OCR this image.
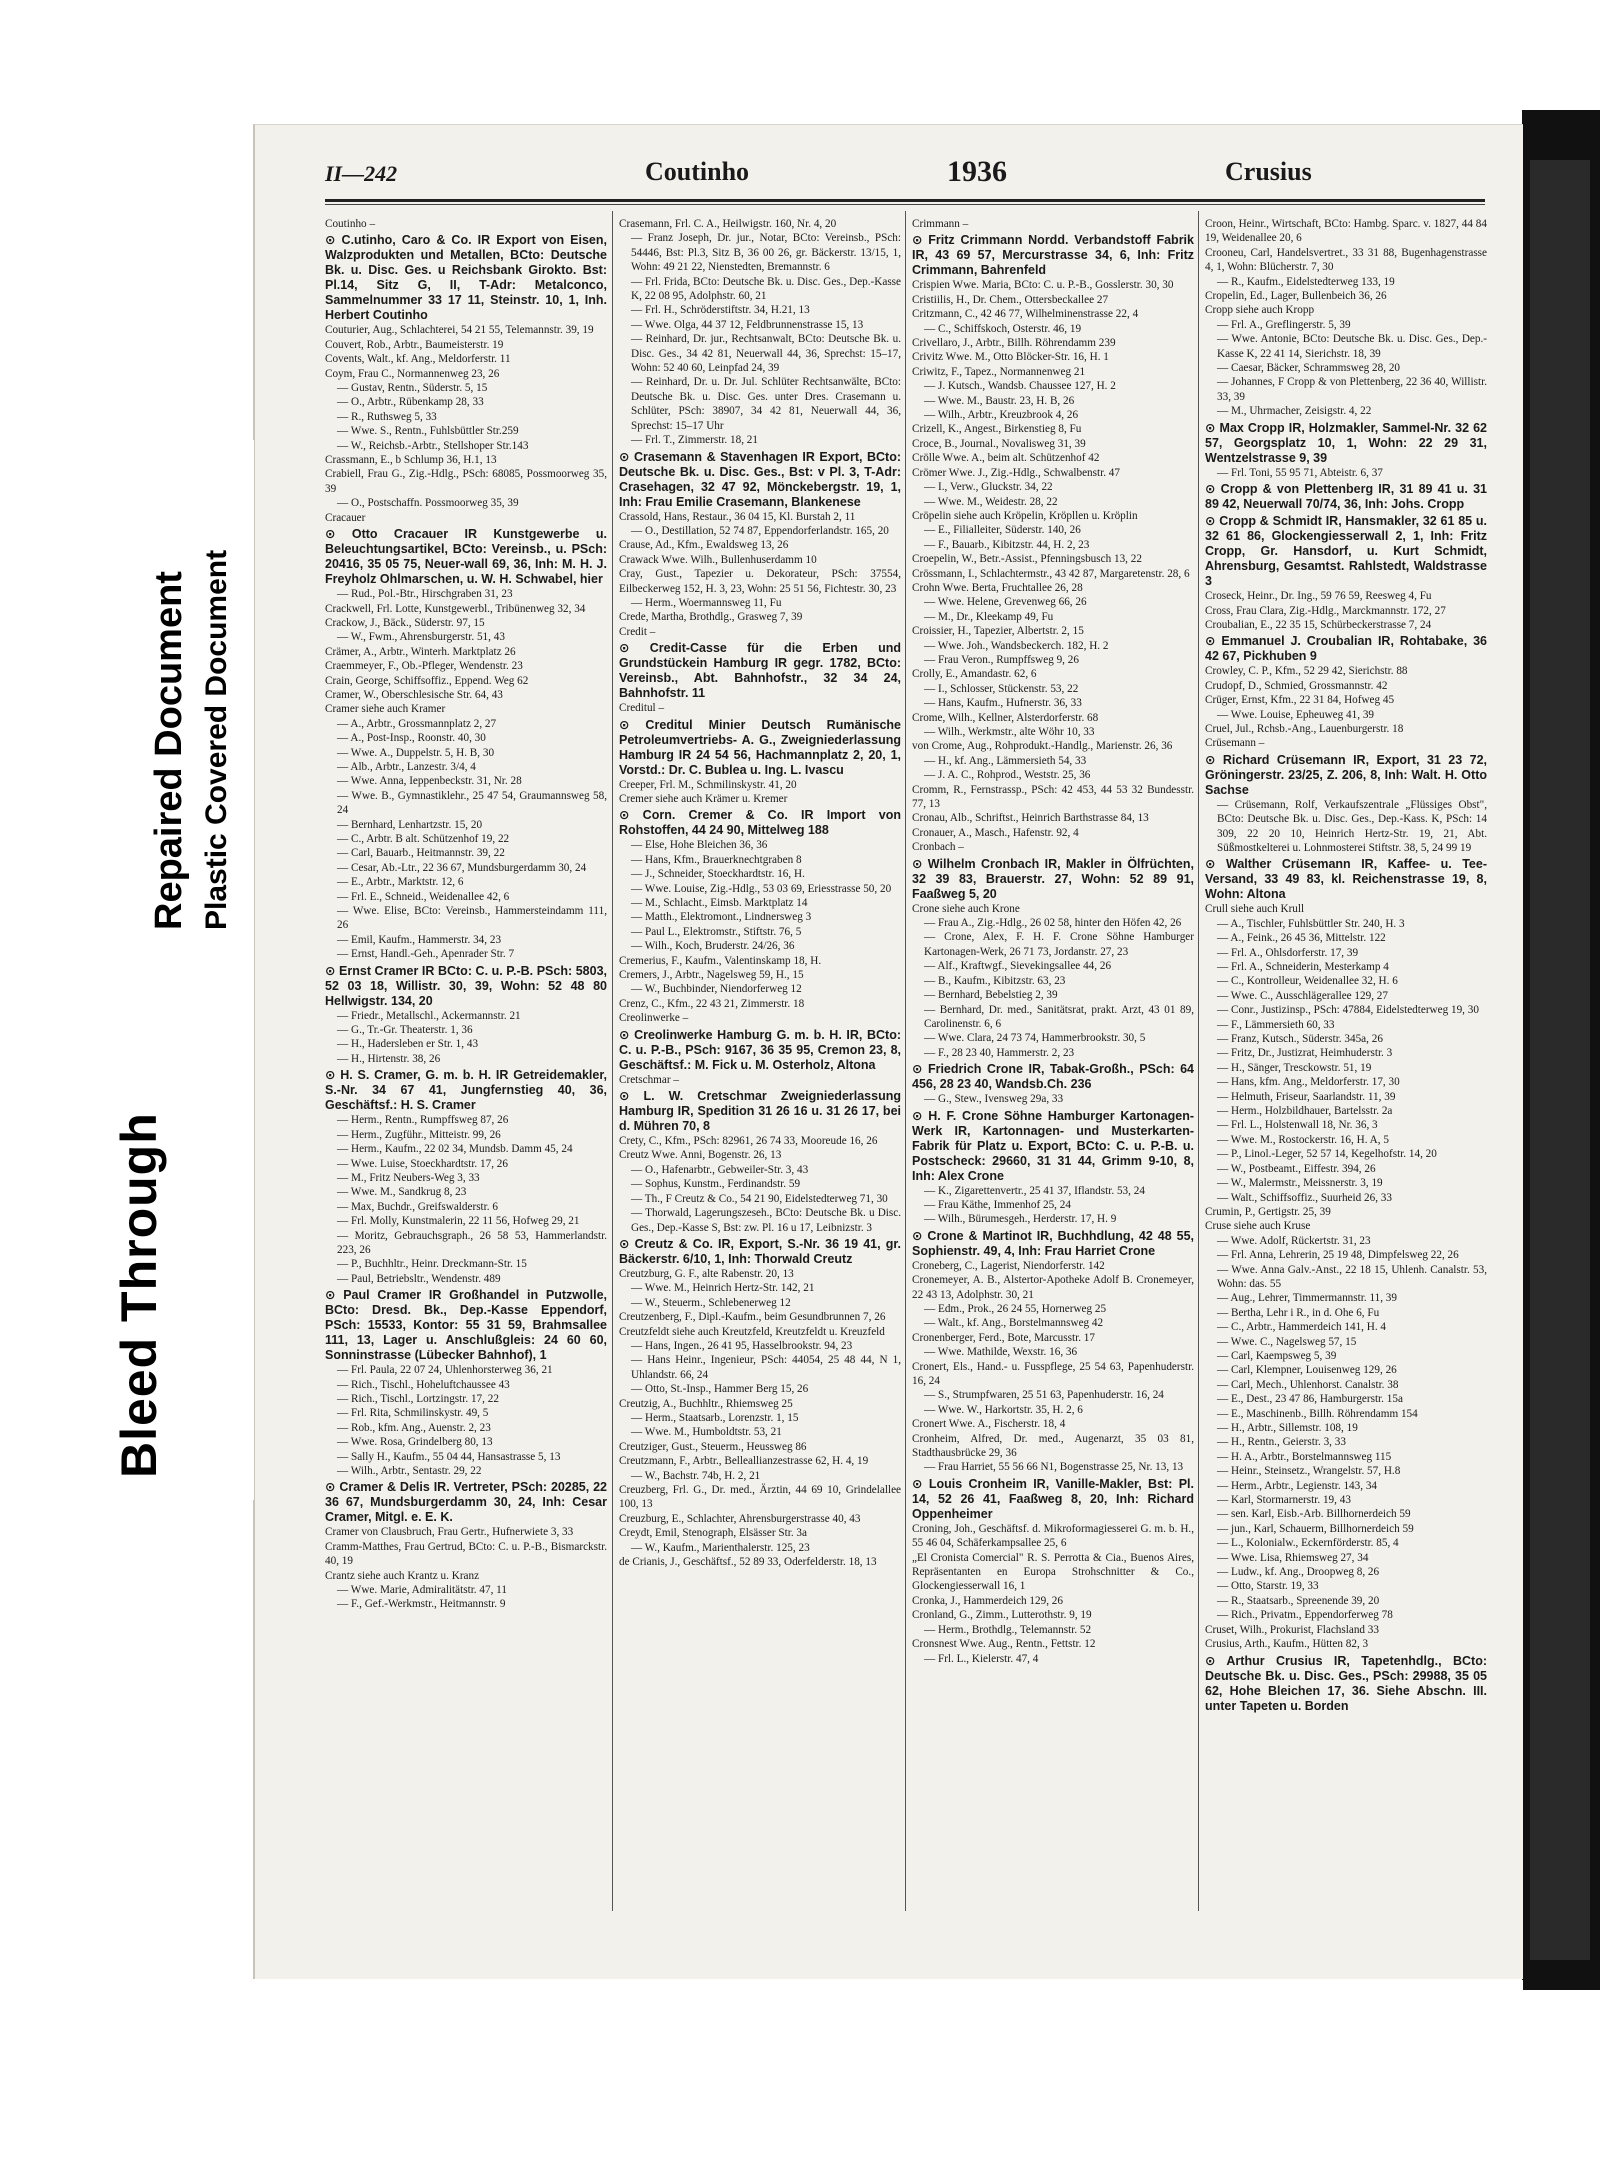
II—242	Coutinho	1936	Crusius

Coutinho –

⊙ C.utinho, Caro & Co. IR Export von Eisen, Walzprodukten und Metallen, BCto: Deutsche Bk. u. Disc. Ges. u Reichsbank Girokto. Bst: Pl.14, Sitz G, II, T-Adr: Metalconco, Sammelnummer 33 17 11, Steinstr. 10, 1, Inh. Herbert Coutinho

Couturier, Aug., Schlachterei, 54 21 55, Telemannstr. 39, 19

Couvert, Rob., Arbtr., Baumeisterstr. 19

Covents, Walt., kf. Ang., Meldorferstr. 11

Coym, Frau C., Normannenweg 23, 26

— Gustav, Rentn., Süderstr. 5, 15

— O., Arbtr., Rübenkamp 28, 33

— R., Ruthsweg 5, 33

— Wwe. S., Rentn., Fuhlsbüttler Str.259

— W., Reichsb.-Arbtr., Stellshoper Str.143

Crassmann, E., b Schlump 36, H.1, 13

Crabiell, Frau G., Zig.-Hdlg., PSch: 68085, Possmoorweg 35, 39

— O., Postschaffn. Possmoorweg 35, 39

Cracauer

⊙ Otto Cracauer IR Kunstgewerbe u. Beleuchtungsartikel, BCto: Vereinsb., u. PSch: 20416, 35 05 75, Neuer-wall 69, 36, Inh: M. H. J. Freyholz Ohlmarschen, u. W. H. Schwabel, hier

— Rud., Pol.-Btr., Hirschgraben 31, 23

Crackwell, Frl. Lotte, Kunstgewerbl., Tribünenweg 32, 34

Crackow, J., Bäck., Süderstr. 97, 15

— W., Fwm., Ahrensburgerstr. 51, 43

Crämer, A., Arbtr., Winterh. Marktplatz 26

Craemmeyer, F., Ob.-Pfleger, Wendenstr. 23

Crain, George, Schiffsoffiz., Eppend. Weg 62

Cramer, W., Oberschlesische Str. 64, 43

Cramer siehe auch Kramer

— A., Arbtr., Grossmannplatz 2, 27

— A., Post-Insp., Roonstr. 40, 30

— Wwe. A., Duppelstr. 5, H. B, 30

— Alb., Arbtr., Lanzestr. 3/4, 4

— Wwe. Anna, Ieppenbeckstr. 31, Nr. 28

— Wwe. B., Gymnastiklehr., 25 47 54, Graumannsweg 58, 24

— Bernhard, Lenhartzstr. 15, 20

— C., Arbtr. B alt. Schützenhof 19, 22

— Carl, Bauarb., Heitmannstr. 39, 22

— Cesar, Ab.-Ltr., 22 36 67, Mundsburgerdamm 30, 24

— E., Arbtr., Marktstr. 12, 6

— Frl. E., Schneid., Weidenallee 42, 6

— Wwe. Elise, BCto: Vereinsb., Hammersteindamm 111, 26

— Emil, Kaufm., Hammerstr. 34, 23

— Ernst, Handl.-Geh., Apenrader Str. 7

⊙ Ernst Cramer IR BCto: C. u. P.-B. PSch: 5803, 52 03 18, Willistr. 30, 39, Wohn: 52 48 80 Hellwigstr. 134, 20

— Friedr., Metallschl., Ackermannstr. 21

— G., Tr.-Gr. Theaterstr. 1, 36

— H., Hadersleben er Str. 1, 43

— H., Hirtenstr. 38, 26

⊙ H. S. Cramer, G. m. b. H. IR Getreidemakler, S.-Nr. 34 67 41, Jungfernstieg 40, 36, Geschäftsf.: H. S. Cramer

— Herm., Rentn., Rumpffsweg 87, 26

— Herm., Zugführ., Mitteistr. 99, 26

— Herm., Kaufm., 22 02 34, Mundsb. Damm 45, 24

— Wwe. Luise, Stoeckhardtstr. 17, 26

— M., Fritz Neubers-Weg 3, 33

— Wwe. M., Sandkrug 8, 23

— Max, Buchdr., Greifswalderstr. 6

— Frl. Molly, Kunstmalerin, 22 11 56, Hofweg 29, 21

— Moritz, Gebrauchsgraph., 26 58 53, Hammerlandstr. 223, 26

— P., Buchhltr., Heinr. Dreckmann-Str. 15

— Paul, Betriebsltr., Wendenstr. 489

⊙ Paul Cramer IR Großhandel in Putzwolle, BCto: Dresd. Bk., Dep.-Kasse Eppendorf, PSch: 15533, Kontor: 55 31 59, Brahmsallee 111, 13, Lager u. Anschlußgleis: 24 60 60, Sonninstrasse (Lübecker Bahnhof), 1

— Frl. Paula, 22 07 24, Uhlenhorsterweg 36, 21

— Rich., Tischl., Hoheluftchaussee 43

— Rich., Tischl., Lortzingstr. 17, 22

— Frl. Rita, Schmilinskystr. 49, 5

— Rob., kfm. Ang., Auenstr. 2, 23

— Wwe. Rosa, Grindelberg 80, 13

— Sally H., Kaufm., 55 04 44, Hansastrasse 5, 13

— Wilh., Arbtr., Sentastr. 29, 22

⊙ Cramer & Delis IR. Vertreter, PSch: 20285, 22 36 67, Mundsburgerdamm 30, 24, Inh: Cesar Cramer, Mitgl. e. E. K.

Cramer von Clausbruch, Frau Gertr., Hufnerwiete 3, 33

Cramm-Matthes, Frau Gertrud, BCto: C. u. P.-B., Bismarckstr. 40, 19

Crantz siehe auch Krantz u. Kranz

— Wwe. Marie, Admiralitätstr. 47, 11

— F., Gef.-Werkmstr., Heitmannstr. 9

Crasemann, Frl. C. A., Heilwigstr. 160, Nr. 4, 20

— Franz Joseph, Dr. jur., Notar, BCto: Vereinsb., PSch: 54446, Bst: Pl.3, Sitz B, 36 00 26, gr. Bäckerstr. 13/15, 1, Wohn: 49 21 22, Nienstedten, Bremannstr. 6

— Frl. Frida, BCto: Deutsche Bk. u. Disc. Ges., Dep.-Kasse K, 22 08 95, Adolphstr. 60, 21

— Frl. H., Schröderstiftstr. 34, H.21, 13

— Wwe. Olga, 44 37 12, Feldbrunnenstrasse 15, 13

— Reinhard, Dr. jur., Rechtsanwalt, BCto: Deutsche Bk. u. Disc. Ges., 34 42 81, Neuerwall 44, 36, Sprechst: 15–17, Wohn: 52 40 60, Leinpfad 24, 39

— Reinhard, Dr. u. Dr. Jul. Schlüter Rechtsanwälte, BCto: Deutsche Bk. u. Disc. Ges. unter Dres. Crasemann u. Schlüter, PSch: 38907, 34 42 81, Neuerwall 44, 36, Sprechst: 15–17 Uhr

— Frl. T., Zimmerstr. 18, 21

⊙ Crasemann & Stavenhagen IR Export, BCto: Deutsche Bk. u. Disc. Ges., Bst: v Pl. 3, T-Adr: Crasehagen, 32 47 92, Mönckebergstr. 19, 1, Inh: Frau Emilie Crasemann, Blankenese

Crassold, Hans, Restaur., 36 04 15, Kl. Burstah 2, 11

— O., Destillation, 52 74 87, Eppendorferlandstr. 165, 20

Crause, Ad., Kfm., Ewaldsweg 13, 26

Crawack Wwe. Wilh., Bullenhuserdamm 10

Cray, Gust., Tapezier u. Dekorateur, PSch: 37554, Eilbeckerweg 152, H. 3, 23, Wohn: 25 51 56, Fichtestr. 30, 23

— Herm., Woermannsweg 11, Fu

Crede, Martha, Brothdlg., Grasweg 7, 39

Credit –

⊙ Credit-Casse für die Erben und Grundstückein Hamburg IR gegr. 1782, BCto: Vereinsb., Abt. Bahnhofstr., 32 34 24, Bahnhofstr. 11

Creditul –

⊙ Creditul Minier Deutsch Rumänische Petroleumvertriebs- A. G., Zweigniederlassung Hamburg IR 24 54 56, Hachmannplatz 2, 20, 1, Vorstd.: Dr. C. Bublea u. Ing. L. Ivascu

Creeper, Frl. M., Schmilinskystr. 41, 20

Cremer siehe auch Krämer u. Kremer

⊙ Corn. Cremer & Co. IR Import von Rohstoffen, 44 24 90, Mittelweg 188

— Else, Hohe Bleichen 36, 36

— Hans, Kfm., Brauerknechtgraben 8

— J., Schneider, Stoeckhardtstr. 16, H.

— Wwe. Louise, Zig.-Hdlg., 53 03 69, Eriesstrasse 50, 20

— M., Schlacht., Eimsb. Marktplatz 14

— Matth., Elektromont., Lindnersweg 3

— Paul L., Elektromstr., Stiftstr. 76, 5

— Wilh., Koch, Bruderstr. 24/26, 36

Cremerius, F., Kaufm., Valentinskamp 18, H.

Cremers, J., Arbtr., Nagelsweg 59, H., 15

— W., Buchbinder, Niendorferweg 12

Crenz, C., Kfm., 22 43 21, Zimmerstr. 18

Creolinwerke –

⊙ Creolinwerke Hamburg G. m. b. H. IR, BCto: C. u. P.-B., PSch: 9167, 36 35 95, Cremon 23, 8, Geschäftsf.: M. Fick u. M. Osterholz, Altona

Cretschmar –

⊙ L. W. Cretschmar Zweigniederlassung Hamburg IR, Spedition 31 26 16 u. 31 26 17, bei d. Mühren 70, 8

Crety, C., Kfm., PSch: 82961, 26 74 33, Mooreude 16, 26

Creutz Wwe. Anni, Bogenstr. 26, 13

— O., Hafenarbtr., Gebweiler-Str. 3, 43

— Sophus, Kunstm., Ferdinandstr. 59

— Th., F Creutz & Co., 54 21 90, Eidelstedterweg 71, 30

— Thorwald, Lagerungszeseh., BCto: Deutsche Bk. u Disc. Ges., Dep.-Kasse S, Bst: zw. Pl. 16 u 17, Leibnizstr. 3

⊙ Creutz & Co. IR, Export, S.-Nr. 36 19 41, gr. Bäckerstr. 6/10, 1, Inh: Thorwald Creutz

Creutzburg, G. F., alte Rabenstr. 20, 13

— Wwe. M., Heinrich Hertz-Str. 142, 21

— W., Steuerm., Schlebenerweg 12

Creutzenberg, F., Dipl.-Kaufm., beim Gesundbrunnen 7, 26

Creutzfeldt siehe auch Kreutzfeld, Kreutzfeldt u. Kreuzfeld

— Hans, Ingen., 26 41 95, Hasselbrookstr. 94, 23

— Hans Heinr., Ingenieur, PSch: 44054, 25 48 44, N 1, Uhlandstr. 66, 24

— Otto, St.-Insp., Hammer Berg 15, 26

Creutzig, A., Buchhltr., Rhiemsweg 25

— Herm., Staatsarb., Lorenzstr. 1, 15

— Wwe. M., Humboldtstr. 53, 21

Creutziger, Gust., Steuerm., Heussweg 86

Creutzmann, F., Arbtr., Belleallianzestrasse 62, H. 4, 19

— W., Bachstr. 74b, H. 2, 21

Creuzberg, Frl. G., Dr. med., Ärztin, 44 69 10, Grindelallee 100, 13

Creuzburg, E., Schlachter, Ahrensburgerstrasse 40, 43

Creydt, Emil, Stenograph, Elsässer Str. 3a

— W., Kaufm., Marienthalerstr. 125, 23

de Crianis, J., Geschäftsf., 52 89 33, Oderfelderstr. 18, 13

Crimmann –

⊙ Fritz Crimmann Nordd. Verbandstoff Fabrik IR, 43 69 57, Mercurstrasse 34, 6, Inh: Fritz Crimmann, Bahrenfeld

Crispien Wwe. Maria, BCto: C. u. P.-B., Gosslerstr. 30, 30

Cristiilis, H., Dr. Chem., Ottersbeckallee 27

Critzmann, C., 42 46 77, Wilhelminenstrasse 22, 4

— C., Schiffskoch, Osterstr. 46, 19

Crivellaro, J., Arbtr., Billh. Röhrendamm 239

Crivitz Wwe. M., Otto Blöcker-Str. 16, H. 1

Criwitz, F., Tapez., Normannenweg 21

— J. Kutsch., Wandsb. Chaussee 127, H. 2

— Wwe. M., Baustr. 23, H. B, 26

— Wilh., Arbtr., Kreuzbrook 4, 26

Crizell, K., Angest., Birkenstieg 8, Fu

Croce, B., Journal., Novalisweg 31, 39

Crölle Wwe. A., beim alt. Schützenhof 42

Crömer Wwe. J., Zig.-Hdlg., Schwalbenstr. 47

— I., Verw., Gluckstr. 34, 22

— Wwe. M., Weidestr. 28, 22

Cröpelin siehe auch Kröpelin, Kröpllen u. Kröplin

— E., Filialleiter, Süderstr. 140, 26

— F., Bauarb., Kibitzstr. 44, H. 2, 23

Croepelin, W., Betr.-Assist., Pfenningsbusch 13, 22

Crössmann, I., Schlachtermstr., 43 42 87, Margaretenstr. 28, 6

Crohn Wwe. Berta, Fruchtallee 26, 28

— Wwe. Helene, Grevenweg 66, 26

— M., Dr., Kleekamp 49, Fu

Croissier, H., Tapezier, Albertstr. 2, 15

— Wwe. Joh., Wandsbeckerch. 182, H. 2

— Frau Veron., Rumpffsweg 9, 26

Crolly, E., Amandastr. 62, 6

— I., Schlosser, Stückenstr. 53, 22

— Hans, Kaufm., Hufnerstr. 36, 33

Crome, Wilh., Kellner, Alsterdorferstr. 68

— Wilh., Werkmstr., alte Wöhr 10, 33

von Crome, Aug., Rohprodukt.-Handlg., Marienstr. 26, 36

— H., kf. Ang., Lämmersieth 54, 33

— J. A. C., Rohprod., Weststr. 25, 36

Cromm, R., Fernstrassp., PSch: 42 453, 44 53 32 Bundesstr. 77, 13

Cronau, Alb., Schriftst., Heinrich Barthstrasse 84, 13

Cronauer, A., Masch., Hafenstr. 92, 4

Cronbach –

⊙ Wilhelm Cronbach IR, Makler in Ölfrüchten, 32 39 83, Brauerstr. 27, Wohn: 52 89 91, Faaßweg 5, 20

Crone siehe auch Krone

— Frau A., Zig.-Hdlg., 26 02 58, hinter den Höfen 42, 26

— Crone, Alex, F. H. F. Crone Söhne Hamburger Kartonagen-Werk, 26 71 73, Jordanstr. 27, 23

— Alf., Kraftwgf., Sievekingsallee 44, 26

— B., Kaufm., Kibitzstr. 63, 23

— Bernhard, Bebelstieg 2, 39

— Bernhard, Dr. med., Sanitätsrat, prakt. Arzt, 43 01 89, Carolinenstr. 6, 6

— Wwe. Clara, 24 73 74, Hammerbrookstr. 30, 5

— F., 28 23 40, Hammerstr. 2, 23

⊙ Friedrich Crone IR, Tabak-Großh., PSch: 64 456, 28 23 40, Wandsb.Ch. 236

— G., Stew., Ivensweg 29a, 33

⊙ H. F. Crone Söhne Hamburger Kartonagen-Werk IR, Kartonnagen- und Musterkarten-Fabrik für Platz u. Export, BCto: C. u. P.-B. u. Postscheck: 29660, 31 31 44, Grimm 9-10, 8, Inh: Alex Crone

— K., Zigarettenvertr., 25 41 37, Iflandstr. 53, 24

— Frau Käthe, Immenhof 25, 24

— Wilh., Bürumesgeh., Herderstr. 17, H. 9

⊙ Crone & Martinot IR, Buchhdlung, 42 48 55, Sophienstr. 49, 4, Inh: Frau Harriet Crone

Croneberg, C., Lagerist, Niendorferstr. 142

Cronemeyer, A. B., Alstertor-Apotheke Adolf B. Cronemeyer, 22 43 13, Adolphstr. 30, 21

— Edm., Prok., 26 24 55, Hornerweg 25

— Walt., kf. Ang., Borstelmannsweg 42

Cronenberger, Ferd., Bote, Marcusstr. 17

— Wwe. Mathilde, Wexstr. 16, 36

Cronert, Els., Hand.- u. Fusspflege, 25 54 63, Papenhuderstr. 16, 24

— S., Strumpfwaren, 25 51 63, Papenhuderstr. 16, 24

— Wwe. W., Harkortstr. 35, H. 2, 6

Cronert Wwe. A., Fischerstr. 18, 4

Cronheim, Alfred, Dr. med., Augenarzt, 35 03 81, Stadthausbrücke 29, 36

— Frau Harriet, 55 56 66 N1, Bogenstrasse 25, Nr. 13, 13

⊙ Louis Cronheim IR, Vanille-Makler, Bst: Pl. 14, 52 26 41, Faaßweg 8, 20, Inh: Richard Oppenheimer

Croning, Joh., Geschäftsf. d. Mikroformagiesserei G. m. b. H., 55 46 04, Schäferkampsallee 25, 6

„El Cronista Comercial" R. S. Perrotta & Cia., Buenos Aires, Repräsentanten en Europa Strohschnitter & Co., Glockengiesserwall 16, 1

Cronka, J., Hammerdeich 129, 26

Cronland, G., Zimm., Lutterothstr. 9, 19

— Herm., Brothdlg., Telemannstr. 52

Cronsnest Wwe. Aug., Rentn., Fettstr. 12

— Frl. L., Kielerstr. 47, 4

Croon, Heinr., Wirtschaft, BCto: Hambg. Sparc. v. 1827, 44 84 19, Weidenallee 20, 6

Crooneu, Carl, Handelsvertret., 33 31 88, Bugenhagenstrasse 4, 1, Wohn: Blücherstr. 7, 30

— R., Kaufm., Eidelstedterweg 133, 19

Cropelin, Ed., Lager, Bullenbeich 36, 26

Cropp siehe auch Kropp

— Frl. A., Greflingerstr. 5, 39

— Wwe. Antonie, BCto: Deutsche Bk. u. Disc. Ges., Dep.-Kasse K, 22 41 14, Sierichstr. 18, 39

— Caesar, Bäcker, Schrammsweg 28, 20

— Johannes, F Cropp & von Plettenberg, 22 36 40, Willistr. 33, 39

— M., Uhrmacher, Zeisigstr. 4, 22

⊙ Max Cropp IR, Holzmakler, Sammel-Nr. 32 62 57, Georgsplatz 10, 1, Wohn: 22 29 31, Wentzelstrasse 9, 39

— Frl. Toni, 55 95 71, Abteistr. 6, 37

⊙ Cropp & von Plettenberg IR, 31 89 41 u. 31 89 42, Neuerwall 70/74, 36, Inh: Johs. Cropp

⊙ Cropp & Schmidt IR, Hansmakler, 32 61 85 u. 32 61 86, Glockengiesserwall 2, 1, Inh: Fritz Cropp, Gr. Hansdorf, u. Kurt Schmidt, Ahrensburg, Gesamtst. Rahlstedt, Waldstrasse 3

Croseck, Heinr., Dr. Ing., 59 76 59, Reesweg 4, Fu

Cross, Frau Clara, Zig.-Hdlg., Marckmannstr. 172, 27

Croubalian, E., 22 35 15, Schürbeckerstrasse 7, 24

⊙ Emmanuel J. Croubalian IR, Rohtabake, 36 42 67, Pickhuben 9

Crowley, C. P., Kfm., 52 29 42, Sierichstr. 88

Crudopf, D., Schmied, Grossmannstr. 42

Crüger, Ernst, Kfm., 22 31 84, Hofweg 45

— Wwe. Louise, Epheuweg 41, 39

Cruel, Jul., Rchsb.-Ang., Lauenburgerstr. 18

Crüsemann –

⊙ Richard Crüsemann IR, Export, 31 23 72, Gröningerstr. 23/25, Z. 206, 8, Inh: Walt. H. Otto Sachse

— Crüsemann, Rolf, Verkaufszentrale „Flüssiges Obst", BCto: Deutsche Bk. u. Disc. Ges., Dep.-Kass. K, PSch: 14 309, 22 20 10, Heinrich Hertz-Str. 19, 21, Abt. Süßmostkelterei u. Lohnmosterei Stiftstr. 38, 5, 24 99 19

⊙ Walther Crüsemann IR, Kaffee- u. Tee-Versand, 33 49 83, kl. Reichenstrasse 19, 8, Wohn: Altona

Crull siehe auch Krull

— A., Tischler, Fuhlsbüttler Str. 240, H. 3

— A., Feink., 26 45 36, Mittelstr. 122

— Frl. A., Ohlsdorferstr. 17, 39

— Frl. A., Schneiderin, Mesterkamp 4

— C., Kontrolleur, Weidenallee 32, H. 6

— Wwe. C., Ausschlägerallee 129, 27

— Conr., Justizinsp., PSch: 47884, Eidelstedterweg 19, 30

— F., Lämmersieth 60, 33

— Franz, Kutsch., Süderstr. 345a, 26

— Fritz, Dr., Justizrat, Heimhuderstr. 3

— H., Sänger, Tresckowstr. 51, 19

— Hans, kfm. Ang., Meldorferstr. 17, 30

— Helmuth, Friseur, Saarlandstr. 11, 39

— Herm., Holzbildhauer, Bartelsstr. 2a

— Frl. L., Holstenwall 18, Nr. 36, 3

— Wwe. M., Rostockerstr. 16, H. A, 5

— P., Linol.-Leger, 52 57 14, Kegelhofstr. 14, 20

— W., Postbeamt., Eiffestr. 394, 26

— W., Malermstr., Meissnerstr. 3, 19

— Walt., Schiffsoffiz., Suurheid 26, 33

Crumin, P., Gertigstr. 25, 39

Cruse siehe auch Kruse

— Wwe. Adolf, Rückertstr. 31, 23

— Frl. Anna, Lehrerin, 25 19 48, Dimpfelsweg 22, 26

— Wwe. Anna Galv.-Anst., 22 18 15, Uhlenh. Canalstr. 53, Wohn: das. 55

— Aug., Lehrer, Timmermannstr. 11, 39

— Bertha, Lehr i R., in d. Ohe 6, Fu

— C., Arbtr., Hammerdeich 141, H. 4

— Wwe. C., Nagelsweg 57, 15

— Carl, Kaempsweg 5, 39

— Carl, Klempner, Louisenweg 129, 26

— Carl, Mech., Uhlenhorst. Canalstr. 38

— E., Dest., 23 47 86, Hamburgerstr. 15a

— E., Maschinenb., Billh. Röhrendamm 154

— H., Arbtr., Sillemstr. 108, 19

— H., Rentn., Geierstr. 3, 33

— H. A., Arbtr., Borstelmannsweg 115

— Heinr., Steinsetz., Wrangelstr. 57, H.8

— Herm., Arbtr., Legienstr. 143, 34

— Karl, Stormarnerstr. 19, 43

— sen. Karl, Eisb.-Arb. Billhornerdeich 59

— jun., Karl, Schauerm, Billhornerdeich 59

— L., Kolonialw., Eckernförderstr. 85, 4

— Wwe. Lisa, Rhiemsweg 27, 34

— Ludw., kf. Ang., Droopweg 8, 26

— Otto, Starstr. 19, 33

— R., Staatsarb., Spreenende 39, 20

— Rich., Privatm., Eppendorferweg 78

Cruset, Wilh., Prokurist, Flachsland 33

Crusius, Arth., Kaufm., Hütten 82, 3

⊙ Arthur Crusius IR, Tapetenhdlg., BCto: Deutsche Bk. u. Disc. Ges., PSch: 29988, 35 05 62, Hohe Bleichen 17, 36. Siehe Abschn. III. unter Tapeten u. Borden

Bleed Through
Repaired Document Plastic Covered Document
